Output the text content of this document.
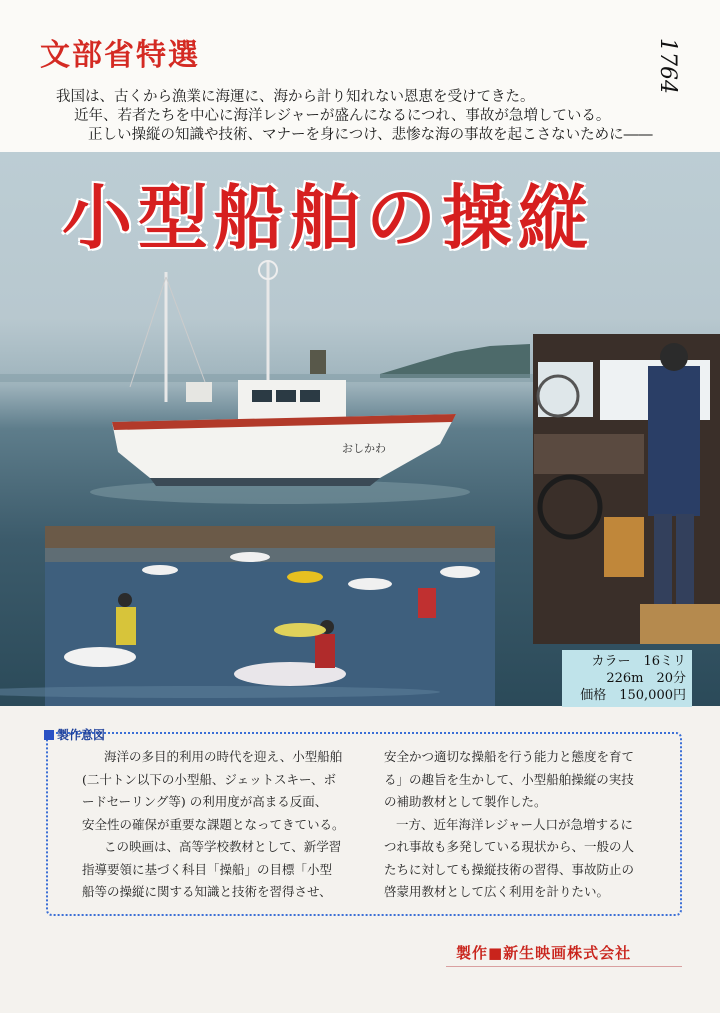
文部省特選	1764
我国は、古くから漁業に海運に、海から計り知れない恩恵を受けてきた。
近年、若者たちを中心に海洋レジャーが盛んになるにつれ、事故が急増している。
正しい操縦の知識や技術、マナーを身につけ、悲惨な海の事故を起こさないために――
おしかわ
小型船舶の操縦
カラー　16ミリ
226m　20分
価格　150,000円
製作意図
海洋の多目的利用の時代を迎え、小型船舶
(二十トン以下の小型船、ジェットスキー、ボ
ードセーリング等) の利用度が高まる反面、
安全性の確保が重要な課題となってきている。
この映画は、高等学校教材として、新学習
指導要領に基づく科目「操船」の目標「小型
船等の操縦に関する知識と技術を習得させ、
安全かつ適切な操船を行う能力と態度を育て
る」の趣旨を生かして、小型船舶操縦の実技
の補助教材として製作した。
一方、近年海洋レジャー人口が急増するに
つれ事故も多発している現状から、一般の人
たちに対しても操縦技術の習得、事故防止の
啓蒙用教材として広く利用を計りたい。
製作■新生映画株式会社
